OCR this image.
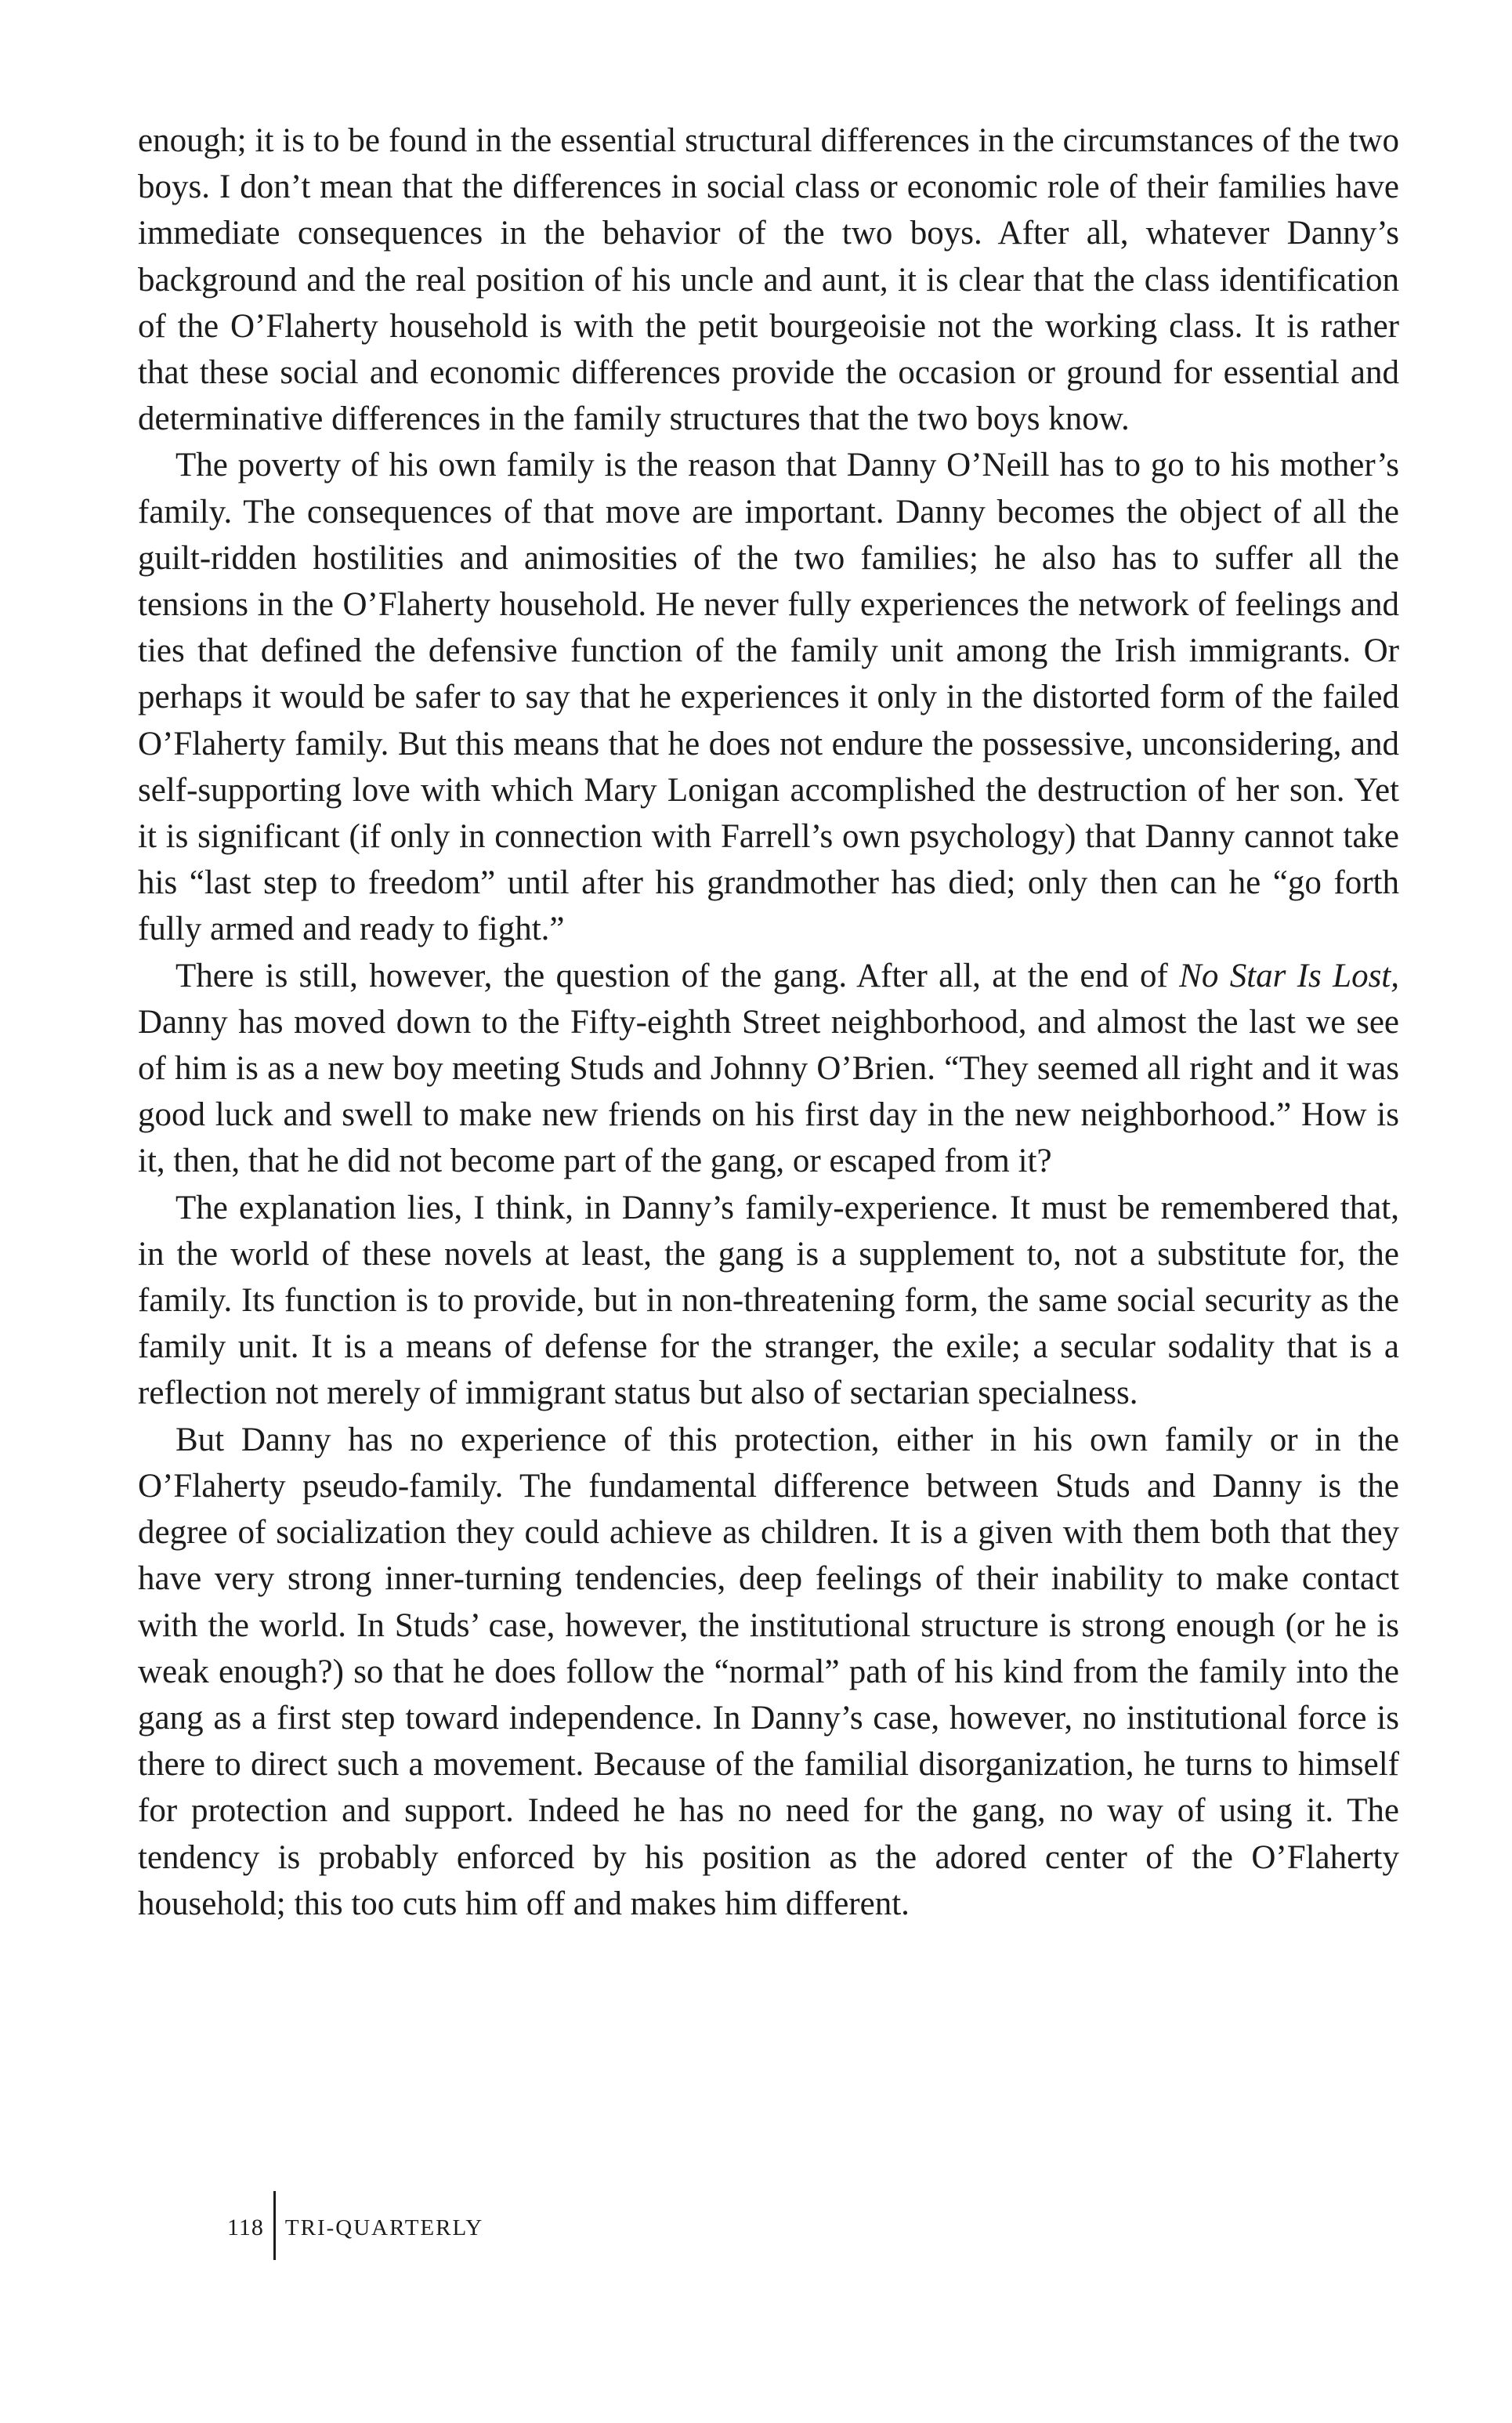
enough; it is to be found in the essential structural differences in the circumstances of the two boys. I don’t mean that the differences in social class or economic role of their families have immediate consequences in the behavior of the two boys. After all, whatever Danny’s background and the real position of his uncle and aunt, it is clear that the class identification of the O’Flaherty household is with the petit bourgeoisie not the working class. It is rather that these social and economic differences provide the occasion or ground for essential and determinative differences in the family structures that the two boys know.

The poverty of his own family is the reason that Danny O’Neill has to go to his mother’s family. The consequences of that move are important. Danny becomes the object of all the guilt-ridden hostilities and animosities of the two families; he also has to suffer all the tensions in the O’Flaherty household. He never fully experiences the network of feelings and ties that defined the defensive function of the family unit among the Irish immigrants. Or perhaps it would be safer to say that he experiences it only in the distorted form of the failed O’Flaherty family. But this means that he does not endure the possessive, unconsidering, and self-supporting love with which Mary Lonigan accomplished the destruction of her son. Yet it is significant (if only in connection with Farrell’s own psychology) that Danny cannot take his “last step to freedom” until after his grandmother has died; only then can he “go forth fully armed and ready to fight.”

There is still, however, the question of the gang. After all, at the end of No Star Is Lost, Danny has moved down to the Fifty-eighth Street neighborhood, and almost the last we see of him is as a new boy meeting Studs and Johnny O’Brien. “They seemed all right and it was good luck and swell to make new friends on his first day in the new neighborhood.” How is it, then, that he did not become part of the gang, or escaped from it?

The explanation lies, I think, in Danny’s family-experience. It must be remembered that, in the world of these novels at least, the gang is a supplement to, not a substitute for, the family. Its function is to provide, but in non-threatening form, the same social security as the family unit. It is a means of defense for the stranger, the exile; a secular sodality that is a reflection not merely of immigrant status but also of sectarian specialness.

But Danny has no experience of this protection, either in his own family or in the O’Flaherty pseudo-family. The fundamental difference between Studs and Danny is the degree of socialization they could achieve as children. It is a given with them both that they have very strong inner-turning tendencies, deep feelings of their inability to make contact with the world. In Studs’ case, however, the institutional structure is strong enough (or he is weak enough?) so that he does follow the “normal” path of his kind from the family into the gang as a first step toward independence. In Danny’s case, however, no institutional force is there to direct such a movement. Because of the familial disorganization, he turns to himself for protection and support. Indeed he has no need for the gang, no way of using it. The tendency is probably enforced by his position as the adored center of the O’Flaherty household; this too cuts him off and makes him different.

118 TRI-QUARTERLY
